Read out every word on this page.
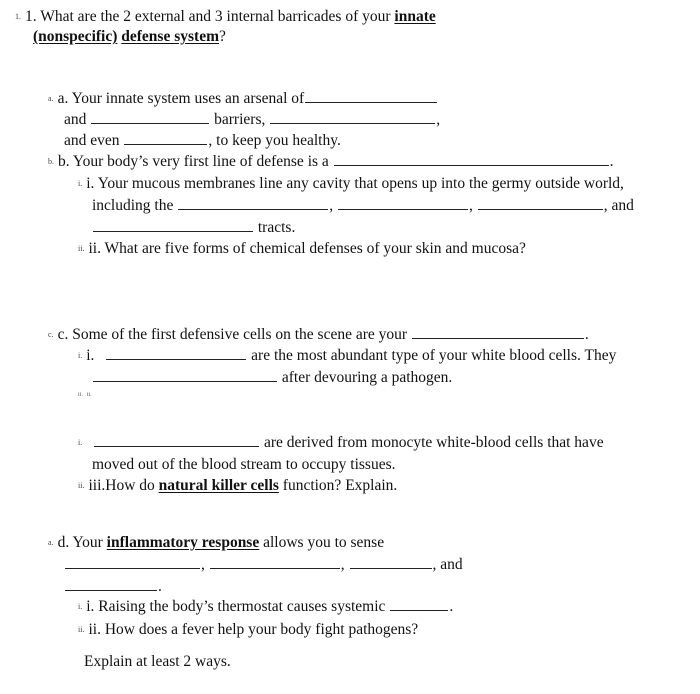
1. 1. What are the 2 external and 3 internal barricades of your innate
(nonspecific) defense system?
a. a. Your innate system uses an arsenal of
and	barriers,	,
and even	, to keep you healthy.
b. b. Your body’s very first line of defense is a	.
i. i. Your mucous membranes line any cavity that opens up into the germy outside world,
including the	,	,	, and
tracts.
ii. ii. What are five forms of chemical defenses of your skin and mucosa?
c. c. Some of the first defensive cells on the scene are your	.
i. i.	are the most abundant type of your white blood cells. They
after devouring a pathogen.
ii. ii.
i.	are derived from monocyte white-blood cells that have
moved out of the blood stream to occupy tissues.
ii. iii.How do natural killer cells function? Explain.
a. d. Your inflammatory response allows you to sense
,	,	, and
.
i. i. Raising the body’s thermostat causes systemic	.
ii. ii. How does a fever help your body fight pathogens?
Explain at least 2 ways.
